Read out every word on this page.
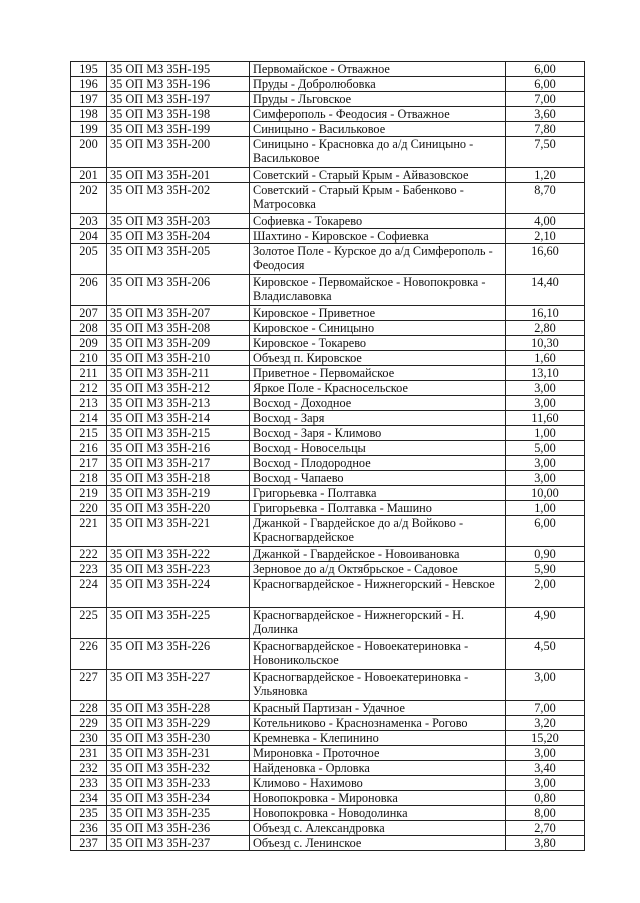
195	35 ОП МЗ 35Н-195	Первомайское - Отважное	6,00
196	35 ОП МЗ 35Н-196	Пруды - Добролюбовка	6,00
197	35 ОП МЗ 35Н-197	Пруды - Льговское	7,00
198	35 ОП МЗ 35Н-198	Симферополь - Феодосия - Отважное	3,60
199	35 ОП МЗ 35Н-199	Синицыно - Васильковое	7,80
200	35 ОП МЗ 35Н-200	Синицыно - Красновка до а/д Синицыно - Васильковое	7,50
201	35 ОП МЗ 35Н-201	Советский - Старый Крым - Айвазовское	1,20
202	35 ОП МЗ 35Н-202	Советский - Старый Крым - Бабенково - Матросовка	8,70
203	35 ОП МЗ 35Н-203	Софиевка - Токарево	4,00
204	35 ОП МЗ 35Н-204	Шахтино - Кировское - Софиевка	2,10
205	35 ОП МЗ 35Н-205	Золотое Поле - Курское до а/д Симферополь - Феодосия	16,60
206	35 ОП МЗ 35Н-206	Кировское - Первомайское - Новопокровка - Владиславовка	14,40
207	35 ОП МЗ 35Н-207	Кировское - Приветное	16,10
208	35 ОП МЗ 35Н-208	Кировское - Синицыно	2,80
209	35 ОП МЗ 35Н-209	Кировское - Токарево	10,30
210	35 ОП МЗ 35Н-210	Объезд п. Кировское	1,60
211	35 ОП МЗ 35Н-211	Приветное - Первомайское	13,10
212	35 ОП МЗ 35Н-212	Яркое Поле - Красносельское	3,00
213	35 ОП МЗ 35Н-213	Восход - Доходное	3,00
214	35 ОП МЗ 35Н-214	Восход - Заря	11,60
215	35 ОП МЗ 35Н-215	Восход - Заря - Климово	1,00
216	35 ОП МЗ 35Н-216	Восход - Новосельцы	5,00
217	35 ОП МЗ 35Н-217	Восход - Плодородное	3,00
218	35 ОП МЗ 35Н-218	Восход - Чапаево	3,00
219	35 ОП МЗ 35Н-219	Григорьевка - Полтавка	10,00
220	35 ОП МЗ 35Н-220	Григорьевка - Полтавка - Машино	1,00
221	35 ОП МЗ 35Н-221	Джанкой - Гвардейское до а/д Войково - Красногвардейское	6,00
222	35 ОП МЗ 35Н-222	Джанкой - Гвардейское - Новоивановка	0,90
223	35 ОП МЗ 35Н-223	Зерновое до а/д Октябрьское - Садовое	5,90
224	35 ОП МЗ 35Н-224	Красногвардейское - Нижнегорский - Невское	2,00
225	35 ОП МЗ 35Н-225	Красногвардейское - Нижнегорский - Н. Долинка	4,90
226	35 ОП МЗ 35Н-226	Красногвардейское - Новоекатериновка - Новоникольское	4,50
227	35 ОП МЗ 35Н-227	Красногвардейское - Новоекатериновка - Ульяновка	3,00
228	35 ОП МЗ 35Н-228	Красный Партизан - Удачное	7,00
229	35 ОП МЗ 35Н-229	Котельниково - Краснознаменка - Рогово	3,20
230	35 ОП МЗ 35Н-230	Кремневка - Клепинино	15,20
231	35 ОП МЗ 35Н-231	Мироновка - Проточное	3,00
232	35 ОП МЗ 35Н-232	Найденовка - Орловка	3,40
233	35 ОП МЗ 35Н-233	Климово - Нахимово	3,00
234	35 ОП МЗ 35Н-234	Новопокровка - Мироновка	0,80
235	35 ОП МЗ 35Н-235	Новопокровка - Новодолинка	8,00
236	35 ОП МЗ 35Н-236	Объезд с. Александровка	2,70
237	35 ОП МЗ 35Н-237	Объезд с. Ленинское	3,80
